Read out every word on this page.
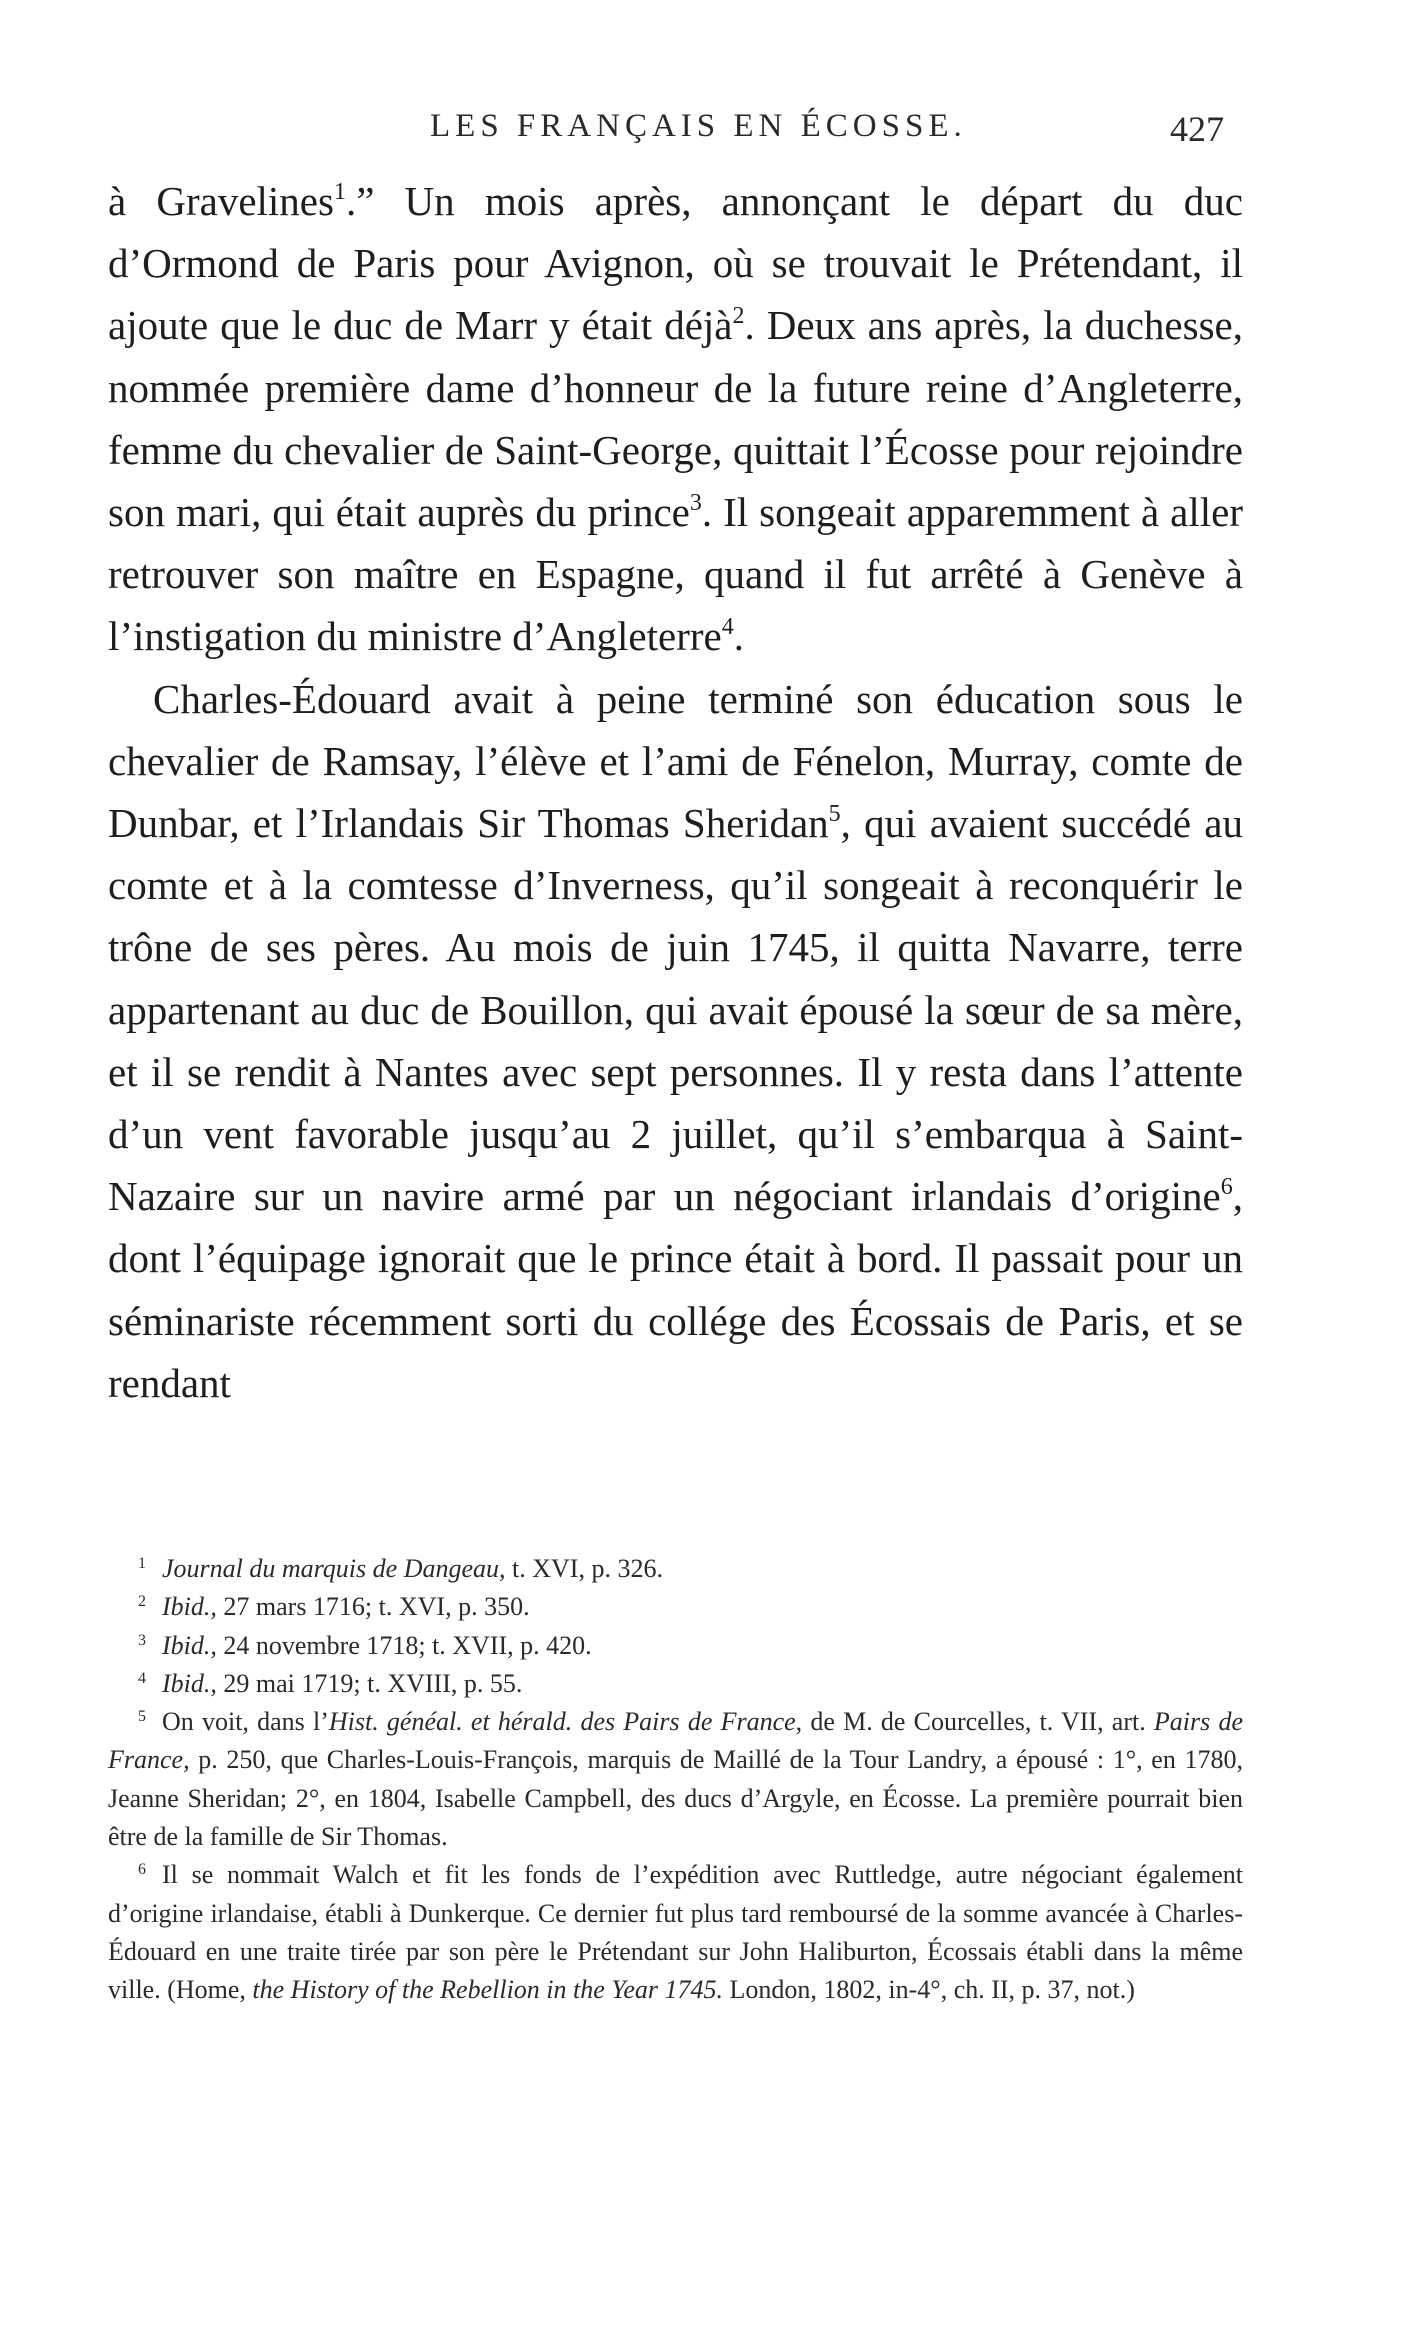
LES FRANÇAIS EN ÉCOSSE.	427

à Gravelines$^1$.” Un mois après, annonçant le départ du duc d’Ormond de Paris pour Avignon, où se trouvait le Prétendant, il ajoute que le duc de Marr y était déjà$^2$. Deux ans après, la duchesse, nommée première dame d’honneur de la future reine d’Angleterre, femme du chevalier de Saint-George, quittait l’Écosse pour rejoindre son mari, qui était auprès du prince$^3$. Il songeait apparemment à aller retrouver son maître en Espagne, quand il fut arrêté à Genève à l’instigation du ministre d’Angleterre$^4$.

Charles-Édouard avait à peine terminé son éducation sous le chevalier de Ramsay, l’élève et l’ami de Fénelon, Murray, comte de Dunbar, et l’Irlandais Sir Thomas Sheridan$^5$, qui avaient succédé au comte et à la comtesse d’Inverness, qu’il songeait à reconquérir le trône de ses pères. Au mois de juin 1745, il quitta Navarre, terre appartenant au duc de Bouillon, qui avait épousé la sœur de sa mère, et il se rendit à Nantes avec sept personnes. Il y resta dans l’attente d’un vent favorable jusqu’au 2 juillet, qu’il s’embarqua à Saint-Nazaire sur un navire armé par un négociant irlandais d’origine$^6$, dont l’équipage ignorait que le prince était à bord. Il passait pour un séminariste récemment sorti du collége des Écossais de Paris, et se rendant

$^1$ Journal du marquis de Dangeau, t. XVI, p. 326.

$^2$ Ibid., 27 mars 1716; t. XVI, p. 350.

$^3$ Ibid., 24 novembre 1718; t. XVII, p. 420.

$^4$ Ibid., 29 mai 1719; t. XVIII, p. 55.

$^5$ On voit, dans l’Hist. généal. et hérald. des Pairs de France, de M. de Courcelles, t. VII, art. Pairs de France, p. 250, que Charles-Louis-François, marquis de Maillé de la Tour Landry, a épousé : 1°, en 1780, Jeanne Sheridan; 2°, en 1804, Isabelle Campbell, des ducs d’Argyle, en Écosse. La première pourrait bien être de la famille de Sir Thomas.

$^6$ Il se nommait Walch et fit les fonds de l’expédition avec Ruttledge, autre négociant également d’origine irlandaise, établi à Dunkerque. Ce dernier fut plus tard remboursé de la somme avancée à Charles-Édouard en une traite tirée par son père le Prétendant sur John Haliburton, Écossais établi dans la même ville. (Home, the History of the Rebellion in the Year 1745. London, 1802, in-4°, ch. II, p. 37, not.)
